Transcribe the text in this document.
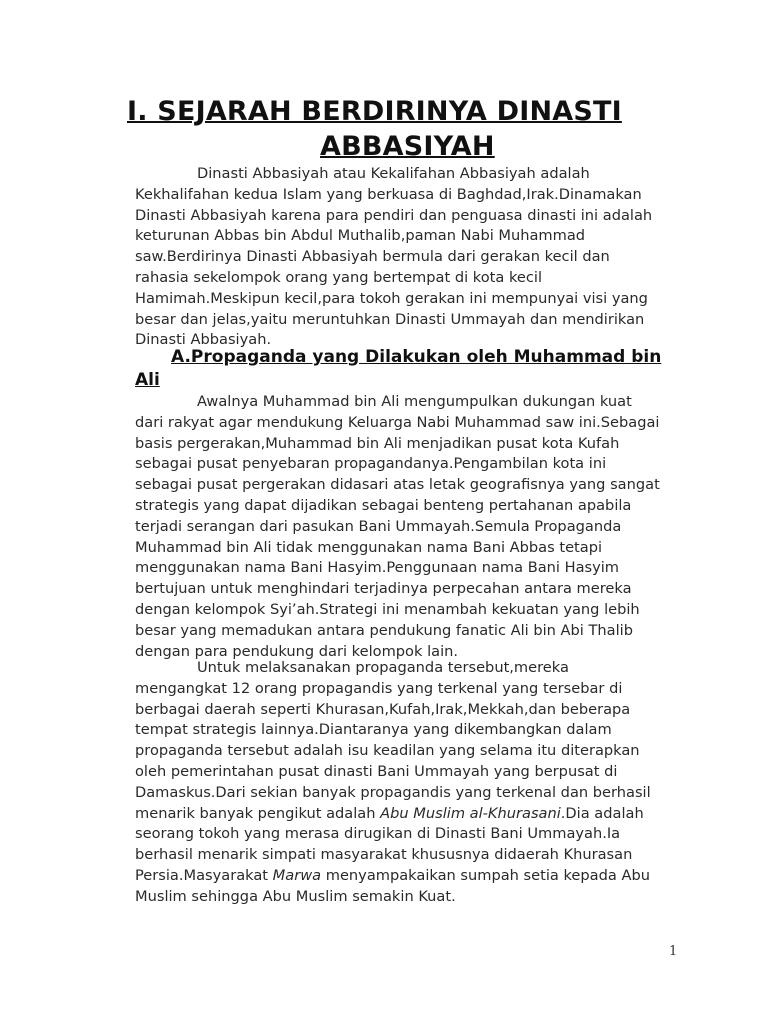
I. SEJARAH BERDIRINYA DINASTI
ABBASIYAH
Dinasti Abbasiyah atau Kekalifahan Abbasiyah adalah
Kekhalifahan kedua Islam yang berkuasa di Baghdad,Irak.Dinamakan
Dinasti Abbasiyah karena para pendiri dan penguasa dinasti ini adalah
keturunan Abbas bin Abdul Muthalib,paman Nabi Muhammad
saw.Berdirinya Dinasti Abbasiyah bermula dari gerakan kecil dan
rahasia sekelompok orang yang bertempat di kota kecil
Hamimah.Meskipun kecil,para tokoh gerakan ini mempunyai visi yang
besar dan jelas,yaitu meruntuhkan Dinasti Ummayah dan mendirikan
Dinasti Abbasiyah.
A.Propaganda yang Dilakukan oleh Muhammad bin
Ali
Awalnya Muhammad bin Ali mengumpulkan dukungan kuat
dari rakyat agar mendukung Keluarga Nabi Muhammad saw ini.Sebagai
basis pergerakan,Muhammad bin Ali menjadikan pusat kota Kufah
sebagai pusat penyebaran propagandanya.Pengambilan kota ini
sebagai pusat pergerakan didasari atas letak geografisnya yang sangat
strategis yang dapat dijadikan sebagai benteng pertahanan apabila
terjadi serangan dari pasukan Bani Ummayah.Semula Propaganda
Muhammad bin Ali tidak menggunakan nama Bani Abbas tetapi
menggunakan nama Bani Hasyim.Penggunaan nama Bani Hasyim
bertujuan untuk menghindari terjadinya perpecahan antara mereka
dengan kelompok Syi’ah.Strategi ini menambah kekuatan yang lebih
besar yang memadukan antara pendukung fanatic Ali bin Abi Thalib
dengan para pendukung dari kelompok lain.
Untuk melaksanakan propaganda tersebut,mereka
mengangkat 12 orang propagandis yang terkenal yang tersebar di
berbagai daerah seperti Khurasan,Kufah,Irak,Mekkah,dan beberapa
tempat strategis lainnya.Diantaranya yang dikembangkan dalam
propaganda tersebut adalah isu keadilan yang selama itu diterapkan
oleh pemerintahan pusat dinasti Bani Ummayah yang berpusat di
Damaskus.Dari sekian banyak propagandis yang terkenal dan berhasil
menarik banyak pengikut adalah Abu Muslim al-Khurasani.Dia adalah
seorang tokoh yang merasa dirugikan di Dinasti Bani Ummayah.Ia
berhasil menarik simpati masyarakat khususnya didaerah Khurasan
Persia.Masyarakat Marwa menyampakaikan sumpah setia kepada Abu
Muslim sehingga Abu Muslim semakin Kuat.
1
